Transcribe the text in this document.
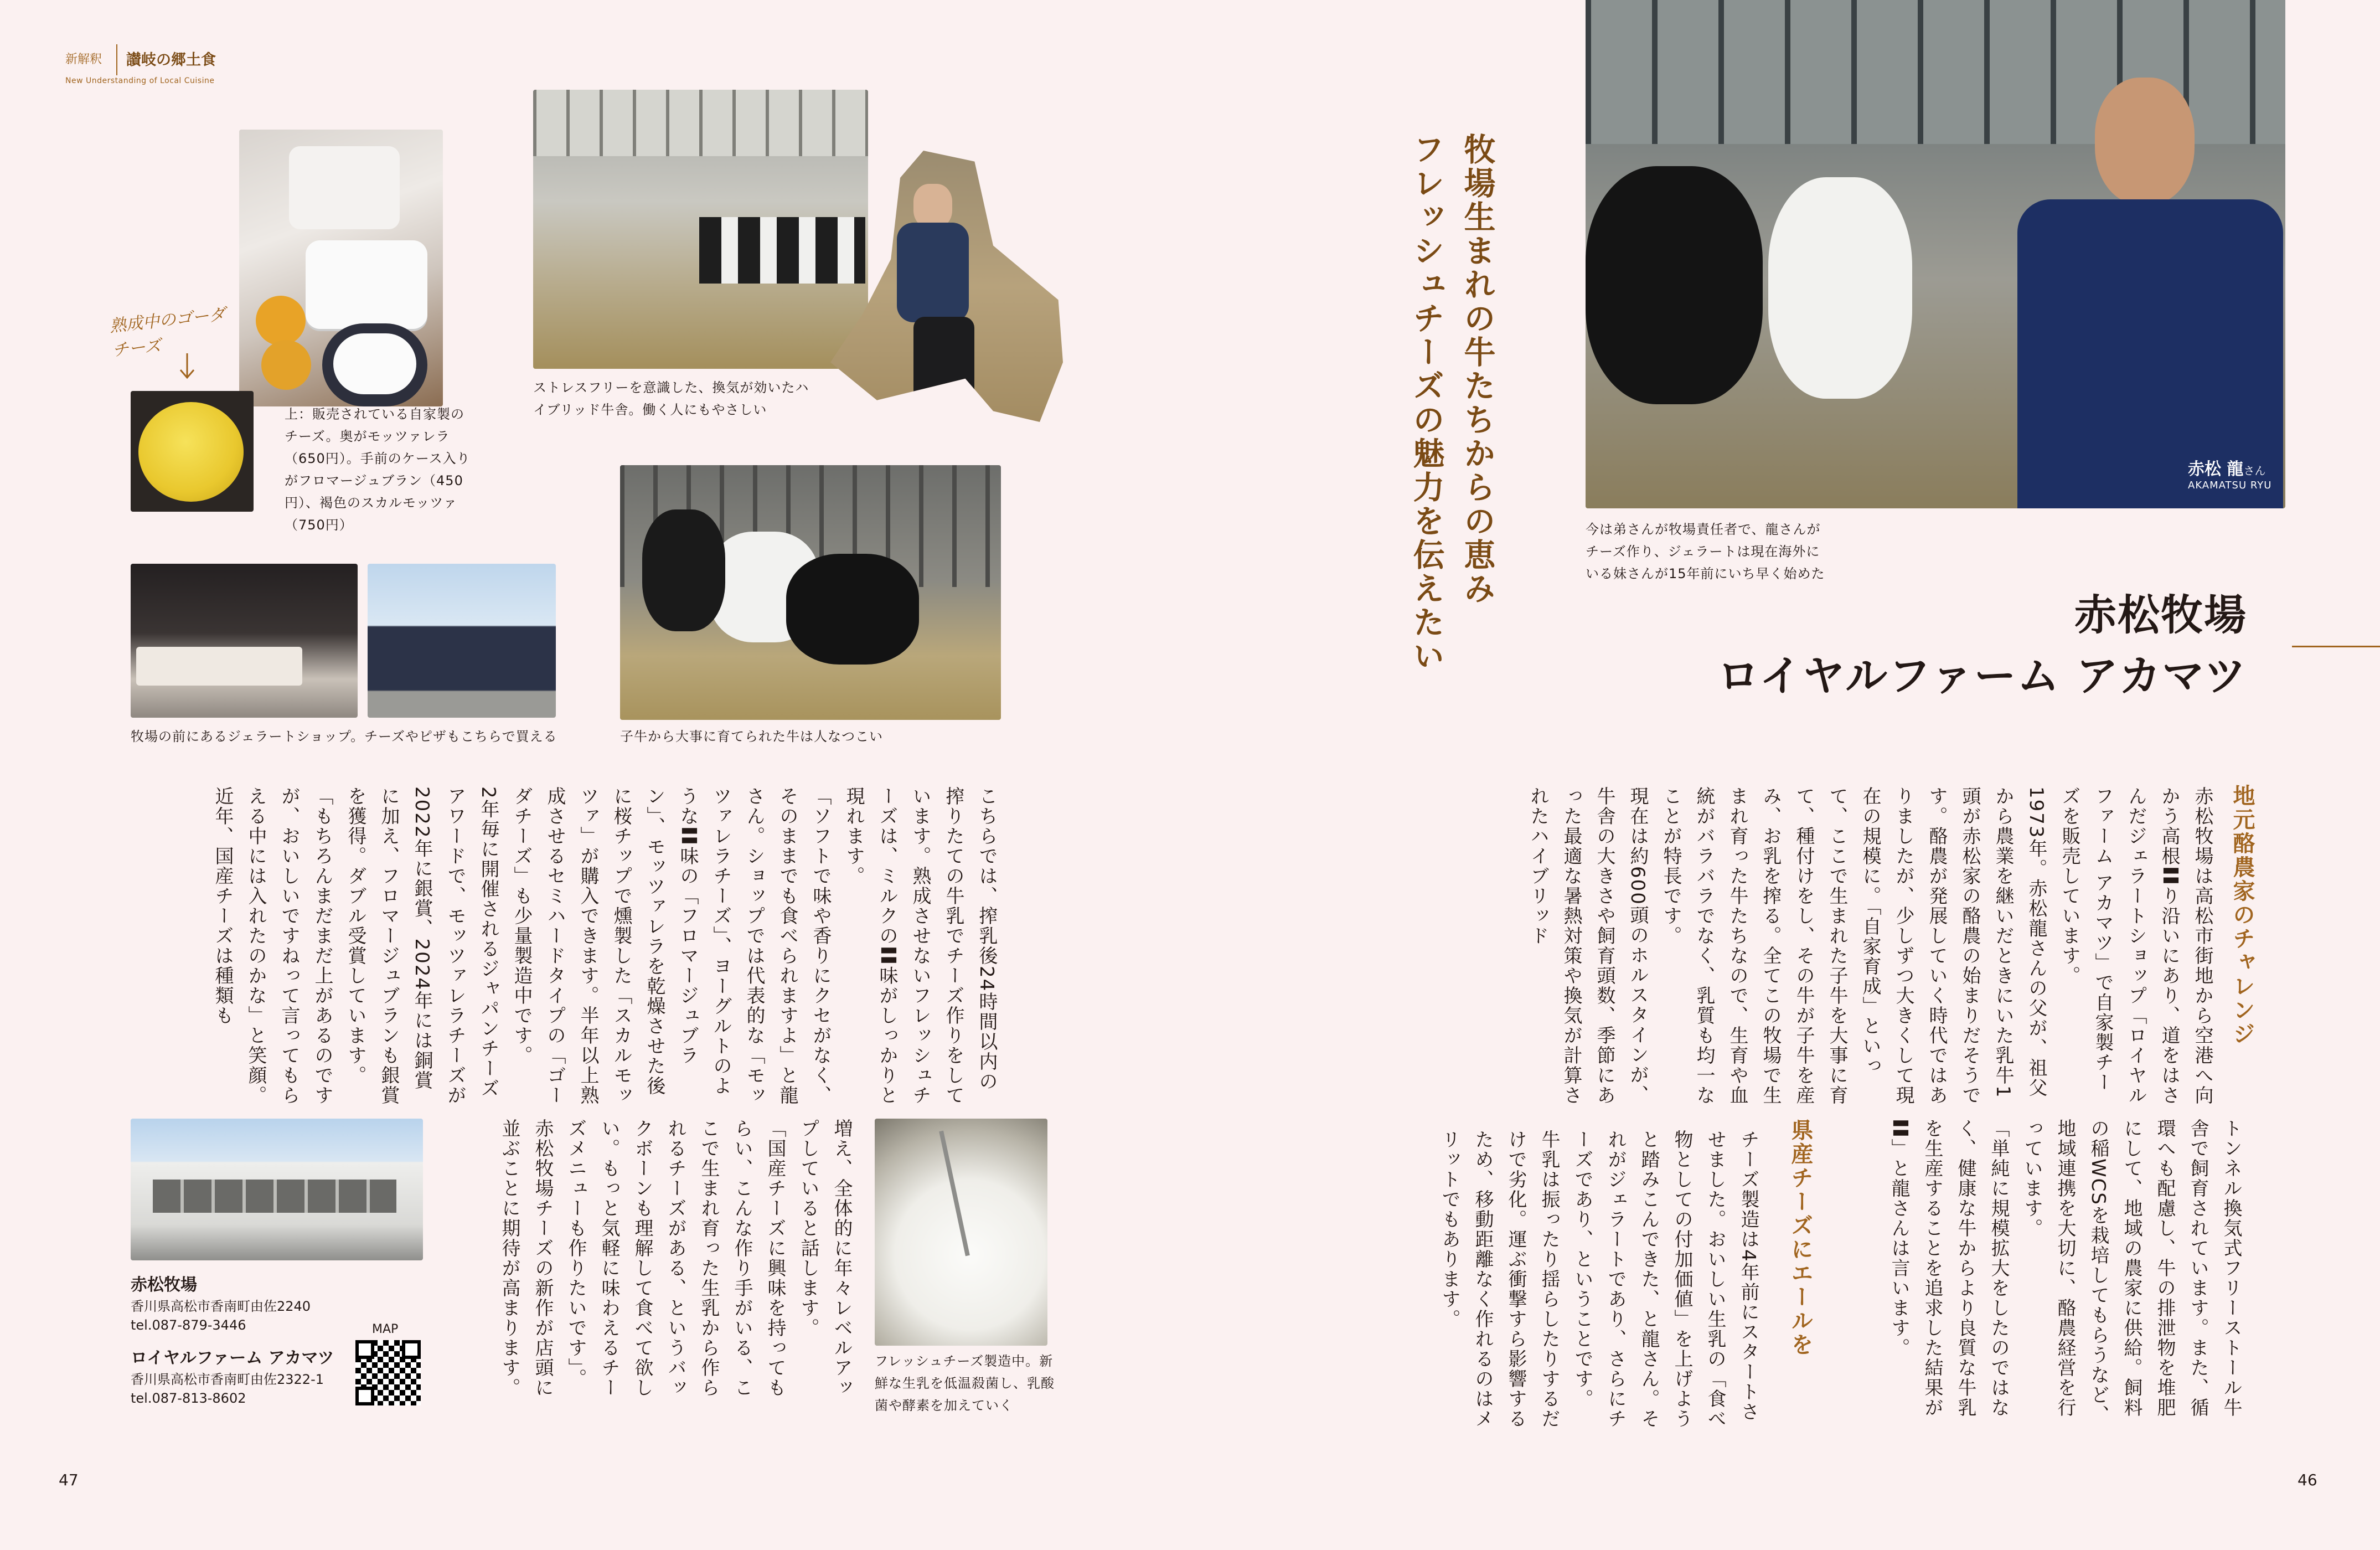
新解釈 讃岐の郷土食
New Understanding of Local Cuisine
熟成中のゴーダチーズ
上：販売されている自家製のチーズ。奥がモッツァレラ（650円）。手前のケース入りがフロマージュブラン（450円）、褐色のスカルモッツァ（750円）
ストレスフリーを意識した、換気が効いたハイブリッド牛舎。働く人にもやさしい
牧場の前にあるジェラートショップ。チーズやピザもこちらで買える	子牛から大事に育てられた牛は人なつこい

こちらでは、搾乳後24時間以内の搾りたての牛乳でチーズ作りをしています。熟成させないフレッシュチーズは、ミルクの〓味がしっかりと現れます。

「ソフトで味や香りにクセがなく、そのままでも食べられますよ」と龍さん。ショップでは代表的な「モッツァレラチーズ」、ヨーグルトのような〓味の「フロマージュブラン」、モッツァレラを乾燥させた後に桜チップで燻製した「スカルモッツァ」が購入できます。半年以上熟成させるセミハードタイプの「ゴーダチーズ」も少量製造中です。

2年毎に開催されるジャパンチーズアワードで、モッツァレラチーズが2022年に銀賞、2024年には銅賞に加え、フロマージュブランも銀賞を獲得。ダブル受賞しています。

「もちろんまだまだ上があるのですが、おいしいですねって言ってもらえる中には入れたのかな」と笑顔。近年、国産チーズは種類も

増え、全体的に年々レベルアップしていると話します。

「国産チーズに興味を持ってもらい、こんな作り手がいる、ここで生まれ育った生乳から作られるチーズがある、というバックボーンも理解して食べて欲しい。もっと気軽に味わえるチーズメニューも作りたいです」。

赤松牧場チーズの新作が店頭に並ぶことに期待が高まります。	フレッシュチーズ製造中。新鮮な生乳を低温殺菌し、乳酸菌や酵素を加えていく
赤松牧場
香川県高松市香南町由佐2240
tel.087-879-3446
ロイヤルファーム アカマツ
香川県高松市香南町由佐2322-1
tel.087-813-8602
MAP
47
牧場生まれの牛たちからの恵み
フレッシュチーズの魅力を伝えたい	赤松 龍さん
AKAMATSU RYU
今は弟さんが牧場責任者で、龍さんがチーズ作り、ジェラートは現在海外にいる妹さんが15年前にいち早く始めた
赤松牧場
ロイヤルファーム アカマツ
地元酪農家のチャレンジ

赤松牧場は高松市街地から空港へ向かう高根〓り沿いにあり、道をはさんだジェラートショップ「ロイヤルファーム アカマツ」で自家製チーズを販売しています。

1973年。赤松龍さんの父が、祖父から農業を継いだときにいた乳牛1頭が赤松家の酪農の始まりだそうです。酪農が発展していく時代ではありましたが、少しずつ大きくして現在の規模に。「自家育成」といって、ここで生まれた子牛を大事に育て、種付けをし、その牛が子牛を産み、お乳を搾る。全てこの牧場で生まれ育った牛たちなので、生育や血統がバラバラでなく、乳質も均一なことが特長です。

現在は約600頭のホルスタインが、牛舎の大きさや飼育頭数、季節にあった最適な暑熱対策や換気が計算されたハイブリッド

トンネル換気式フリーストール牛舎で飼育されています。また、循環へも配慮し、牛の排泄物を堆肥にして、地域の農家に供給。飼料の稲WCSを栽培してもらうなど、地域連携を大切に、酪農経営を行っています。

「単純に規模拡大をしたのではなく、健康な牛からより良質な牛乳を生産することを追求した結果が〓」と龍さんは言います。

県産チーズにエールを

チーズ製造は4年前にスタートさせました。おいしい生乳の「食べ物としての付加価値」を上げようと踏みこんできた、と龍さん。それがジェラートであり、さらにチーズであり、ということです。

牛乳は振ったり揺らしたりするだけで劣化。運ぶ衝撃すら影響するため、移動距離なく作れるのはメリットでもあります。

46
